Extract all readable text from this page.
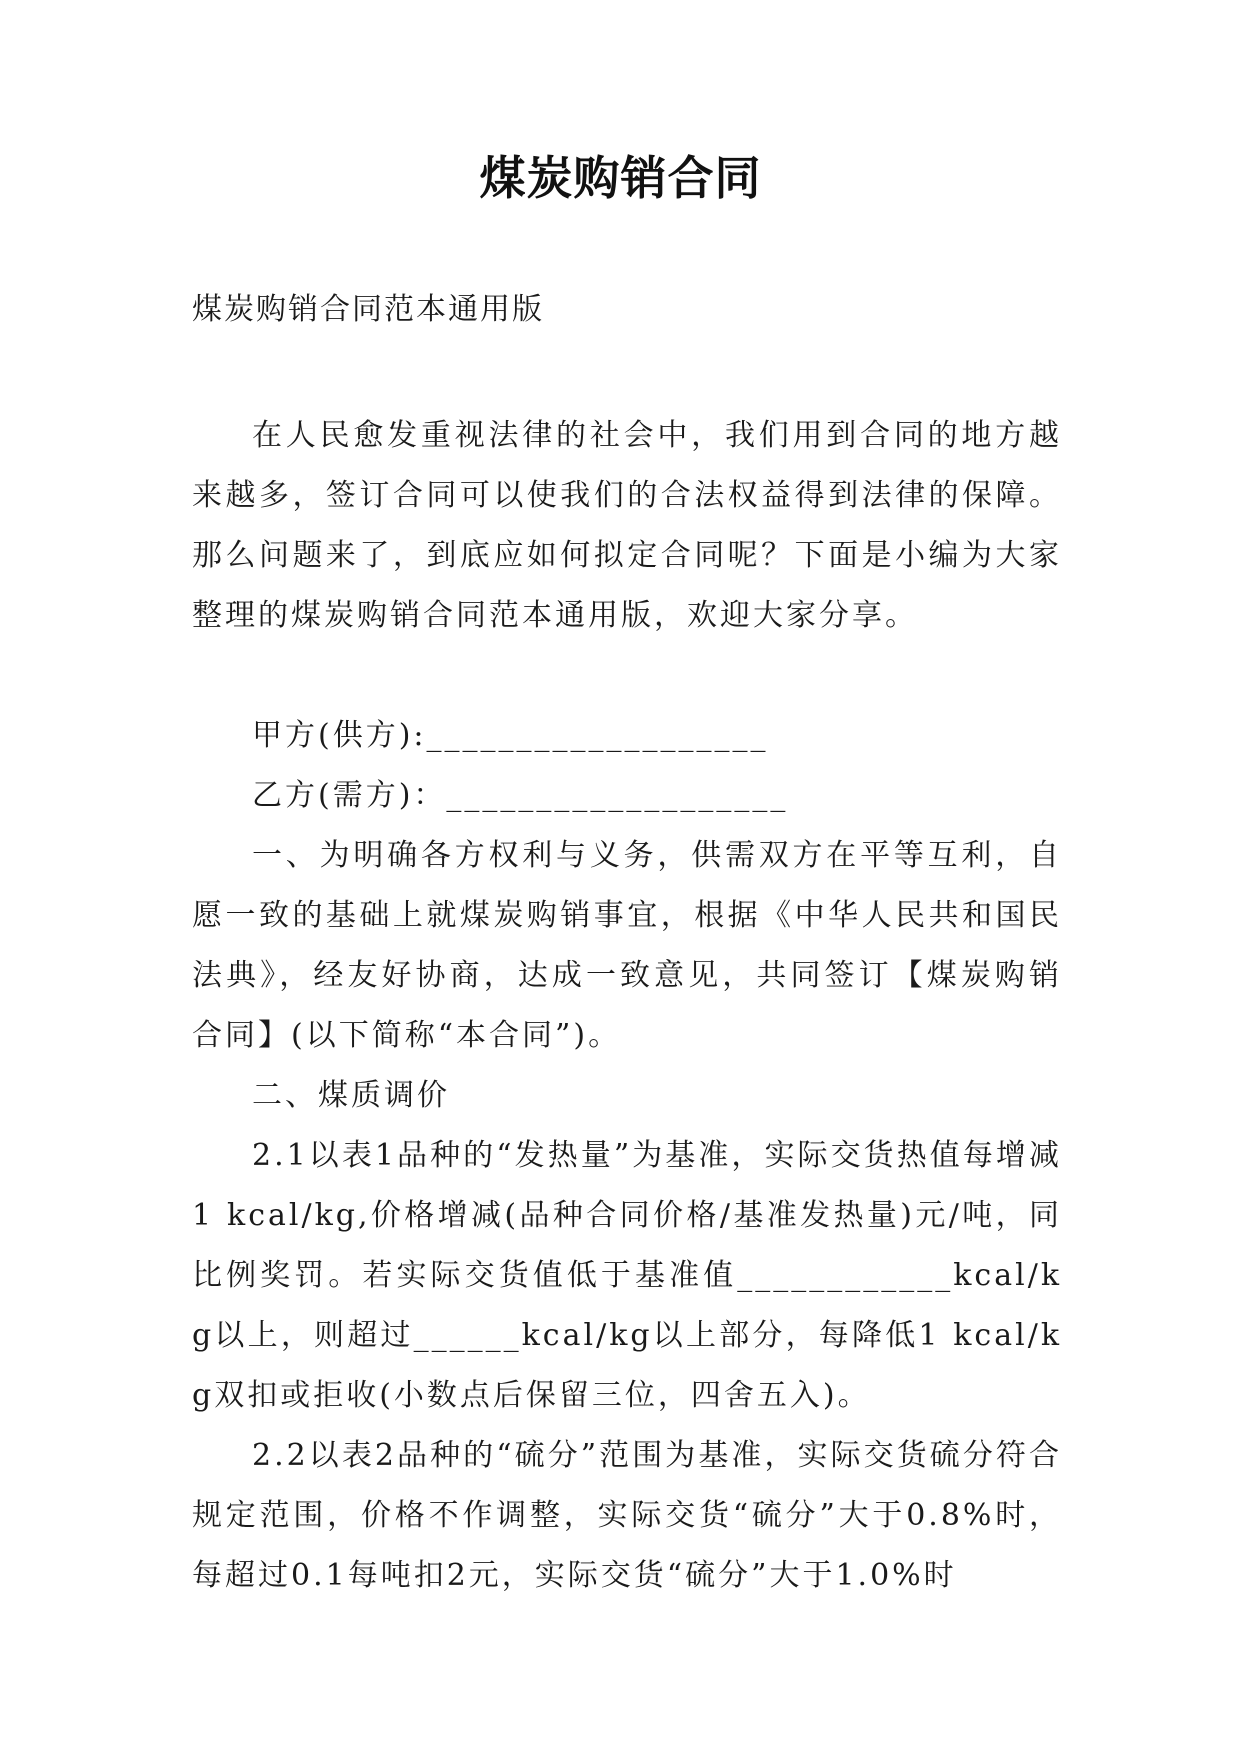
煤炭购销合同
煤炭购销合同范本通用版

在人民愈发重视法律的社会中，我们用到合同的地方越来越多，签订合同可以使我们的合法权益得到法律的保障。那么问题来了，到底应如何拟定合同呢？下面是小编为大家整理的煤炭购销合同范本通用版，欢迎大家分享。

甲方(供方):___________________

乙方(需方)：___________________

一、为明确各方权利与义务，供需双方在平等互利，自愿一致的基础上就煤炭购销事宜，根据《中华人民共和国民法典》，经友好协商，达成一致意见，共同签订【煤炭购销合同】(以下简称“本合同”)。

二、煤质调价

2.1以表1品种的“发热量”为基准，实际交货热值每增减1 kcal/kg,价格增减(品种合同价格/基准发热量)元/吨，同比例奖罚。若实际交货值低于基准值____________kcal/kg以上，则超过______kcal/kg以上部分，每降低1 kcal/kg双扣或拒收(小数点后保留三位，四舍五入)。

2.2以表2品种的“硫分”范围为基准，实际交货硫分符合规定范围，价格不作调整，实际交货“硫分”大于0.8%时，每超过0.1每吨扣2元，实际交货“硫分”大于1.0%时
